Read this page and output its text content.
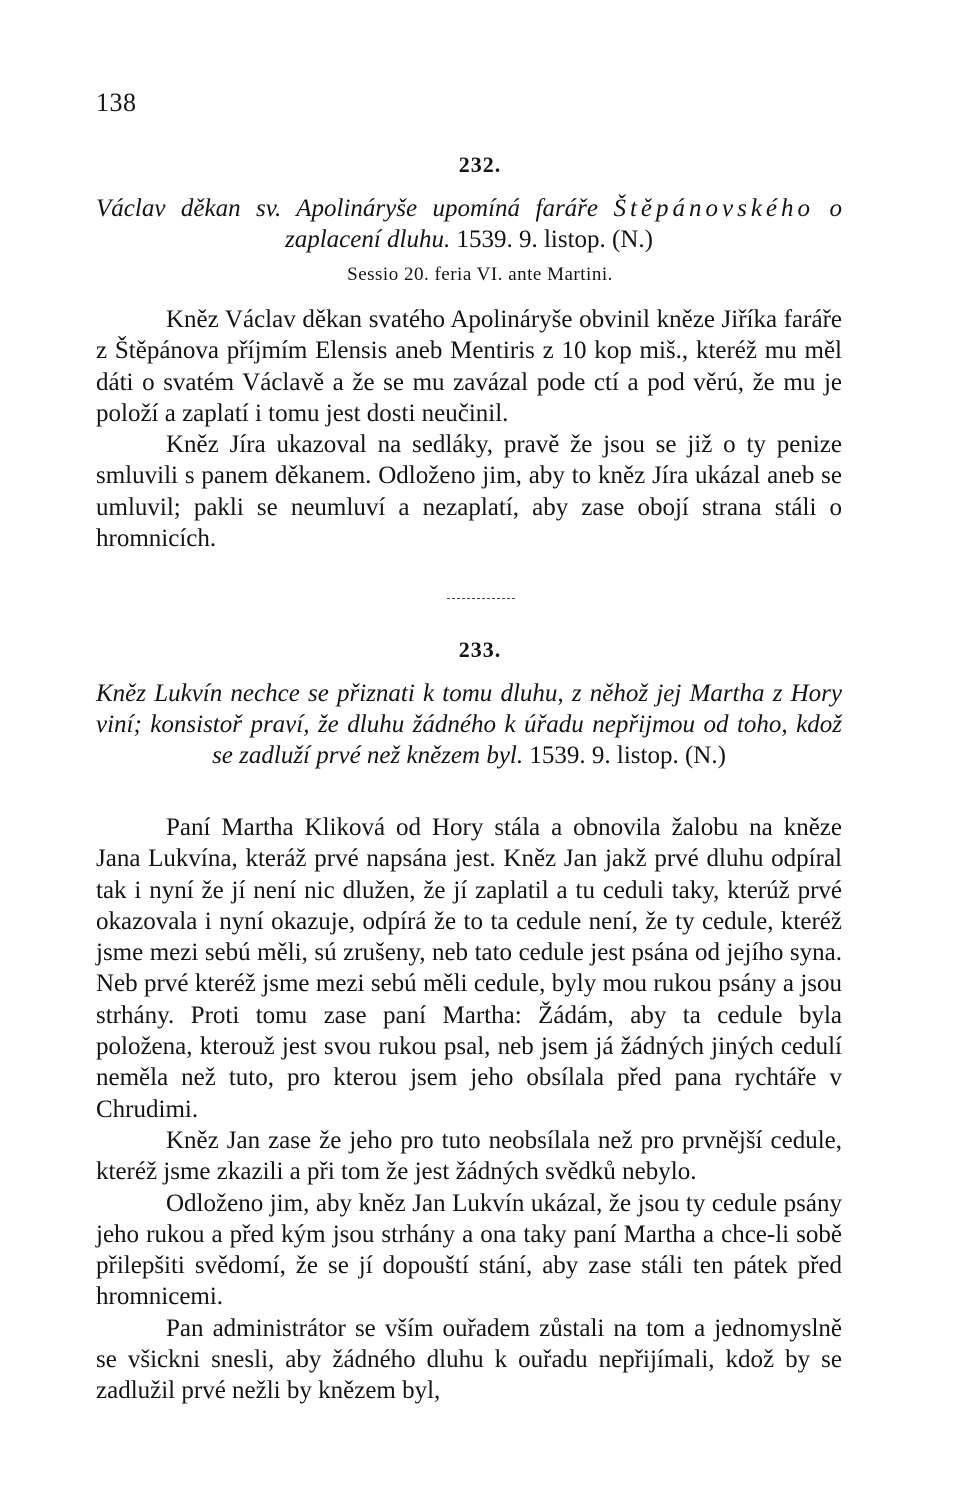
138
232.
Václav děkan sv. Apolináryše upomíná faráře Štěpánovského o zaplacení dluhu. 1539. 9. listop. (N.)
Sessio 20. feria VI. ante Martini.

Kněz Václav děkan svatého Apolináryše obvinil kněze Jiříka faráře z Štěpánova příjmím Elensis aneb Mentiris z 10 kop miš., kteréž mu měl dáti o svatém Václavě a že se mu zavázal pode ctí a pod věrú, že mu je položí a zaplatí i tomu jest dosti neučinil.

Kněz Jíra ukazoval na sedláky, pravě že jsou se již o ty penize smluvili s panem děkanem. Odloženo jim, aby to kněz Jíra ukázal aneb se umluvil; pakli se neumluví a nezaplatí, aby zase obojí strana stáli o hromnicích.

233.
Kněz Lukvín nechce se přiznati k tomu dluhu, z něhož jej Martha z Hory viní; konsistoř praví, že dluhu žádného k úřadu nepřijmou od toho, kdož se zadluží prvé než knězem byl. 1539. 9. listop. (N.)

Paní Martha Kliková od Hory stála a obnovila žalobu na kněze Jana Lukvína, kteráž prvé napsána jest. Kněz Jan jakž prvé dluhu odpíral tak i nyní že jí není nic dlužen, že jí zaplatil a tu ceduli taky, kterúž prvé okazovala i nyní okazuje, odpírá že to ta cedule není, že ty cedule, kteréž jsme mezi sebú měli, sú zrušeny, neb tato cedule jest psána od jejího syna. Neb prvé kteréž jsme mezi sebú měli cedule, byly mou rukou psány a jsou strhány. Proti tomu zase paní Martha: Žádám, aby ta cedule byla položena, kterouž jest svou rukou psal, neb jsem já žádných jiných cedulí neměla než tuto, pro kterou jsem jeho obsílala před pana rychtáře v Chrudimi.

Kněz Jan zase že jeho pro tuto neobsílala než pro prvnější cedule, kteréž jsme zkazili a při tom že jest žádných svědků nebylo.

Odloženo jim, aby kněz Jan Lukvín ukázal, že jsou ty cedule psány jeho rukou a před kým jsou strhány a ona taky paní Martha a chce-li sobě přilepšiti svědomí, že se jí dopouští stání, aby zase stáli ten pátek před hromnicemi.

Pan administrátor se vším ouřadem zůstali na tom a jednomyslně se všickni snesli, aby žádného dluhu k ouřadu nepřijímali, kdož by se zadlužil prvé nežli by knězem byl,
